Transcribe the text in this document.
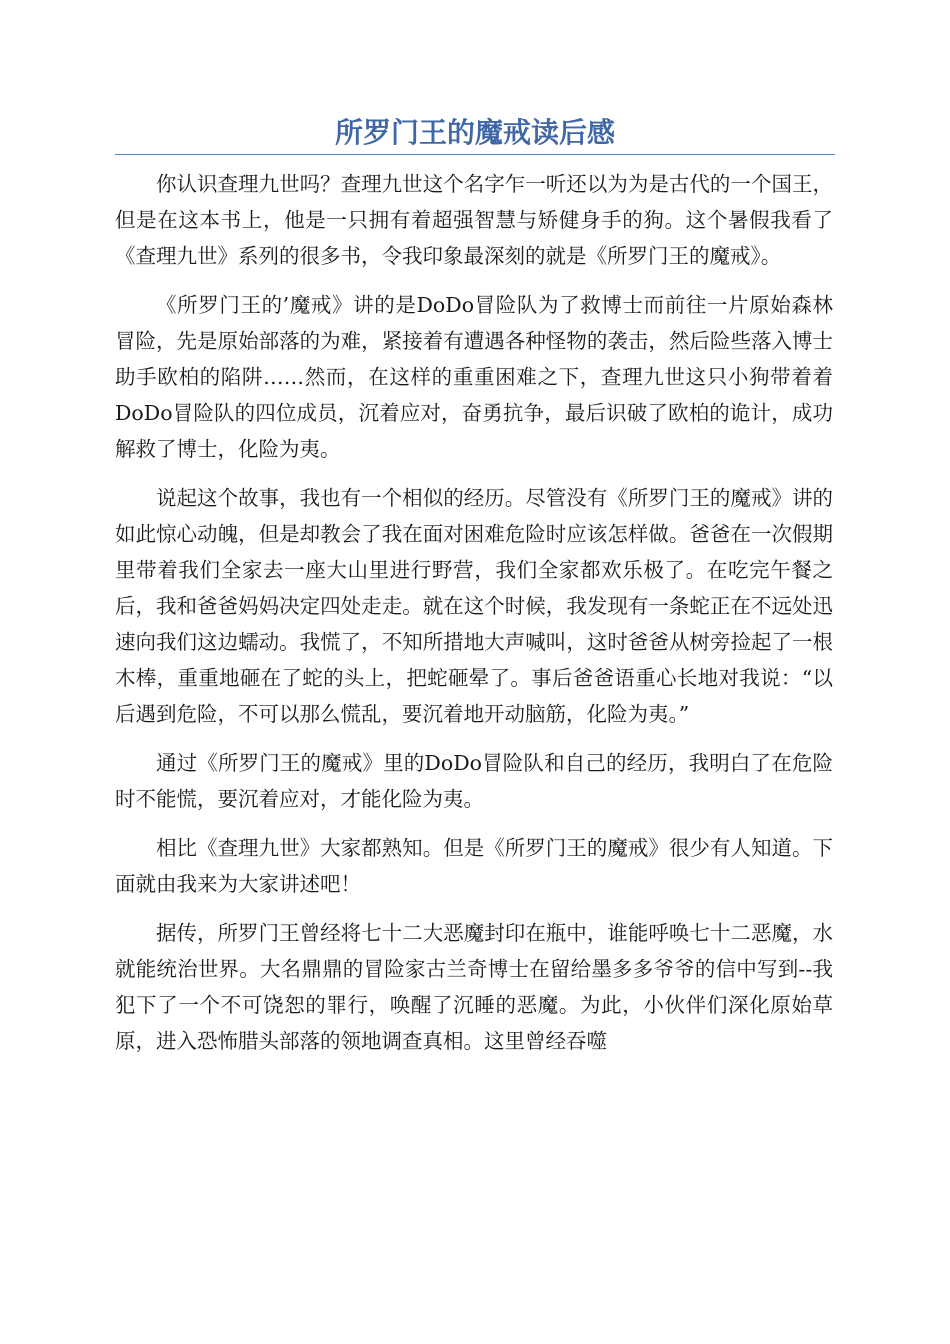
所罗门王的魔戒读后感

你认识查理九世吗？查理九世这个名字乍一听还以为为是古代的一个国王，但是在这本书上，他是一只拥有着超强智慧与矫健身手的狗。这个暑假我看了《查理九世》系列的很多书，令我印象最深刻的就是《所罗门王的魔戒》。

《所罗门王的’魔戒》讲的是DoDo冒险队为了救博士而前往一片原始森林冒险，先是原始部落的为难，紧接着有遭遇各种怪物的袭击，然后险些落入博士助手欧柏的陷阱……然而，在这样的重重困难之下，查理九世这只小狗带着着DoDo冒险队的四位成员，沉着应对，奋勇抗争，最后识破了欧柏的诡计，成功解救了博士，化险为夷。

说起这个故事，我也有一个相似的经历。尽管没有《所罗门王的魔戒》讲的如此惊心动魄，但是却教会了我在面对困难危险时应该怎样做。爸爸在一次假期里带着我们全家去一座大山里进行野营，我们全家都欢乐极了。在吃完午餐之后，我和爸爸妈妈决定四处走走。就在这个时候，我发现有一条蛇正在不远处迅速向我们这边蠕动。我慌了，不知所措地大声喊叫，这时爸爸从树旁捡起了一根木棒，重重地砸在了蛇的头上，把蛇砸晕了。事后爸爸语重心长地对我说：“以后遇到危险，不可以那么慌乱，要沉着地开动脑筋，化险为夷。”

通过《所罗门王的魔戒》里的DoDo冒险队和自己的经历，我明白了在危险时不能慌，要沉着应对，才能化险为夷。

相比《查理九世》大家都熟知。但是《所罗门王的魔戒》很少有人知道。下面就由我来为大家讲述吧！

据传，所罗门王曾经将七十二大恶魔封印在瓶中，谁能呼唤七十二恶魔，水就能统治世界。大名鼎鼎的冒险家古兰奇博士在留给墨多多爷爷的信中写到--我犯下了一个不可饶恕的罪行，唤醒了沉睡的恶魔。为此，小伙伴们深化原始草原，进入恐怖腊头部落的领地调查真相。这里曾经吞噬
